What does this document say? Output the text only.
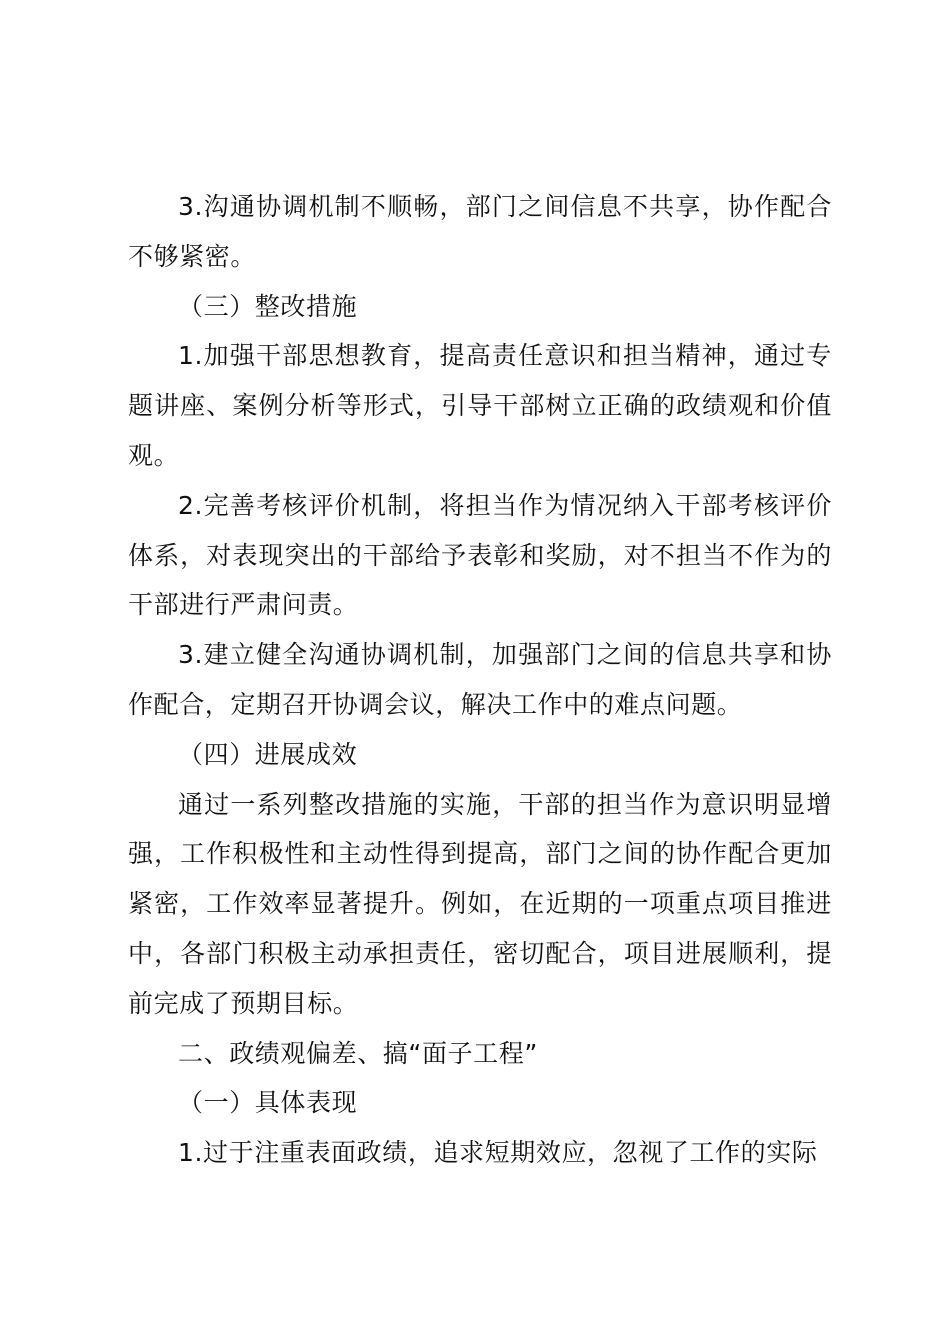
3.沟通协调机制不顺畅，部门之间信息不共享，协作配合不够紧密。

（三）整改措施

1.加强干部思想教育，提高责任意识和担当精神，通过专题讲座、案例分析等形式，引导干部树立正确的政绩观和价值观。

2.完善考核评价机制，将担当作为情况纳入干部考核评价体系，对表现突出的干部给予表彰和奖励，对不担当不作为的干部进行严肃问责。

3.建立健全沟通协调机制，加强部门之间的信息共享和协作配合，定期召开协调会议，解决工作中的难点问题。

（四）进展成效

通过一系列整改措施的实施，干部的担当作为意识明显增强，工作积极性和主动性得到提高，部门之间的协作配合更加紧密，工作效率显著提升。例如，在近期的一项重点项目推进中，各部门积极主动承担责任，密切配合，项目进展顺利，提前完成了预期目标。

二、政绩观偏差、搞“面子工程”

（一）具体表现

1.过于注重表面政绩，追求短期效应，忽视了工作的实际
